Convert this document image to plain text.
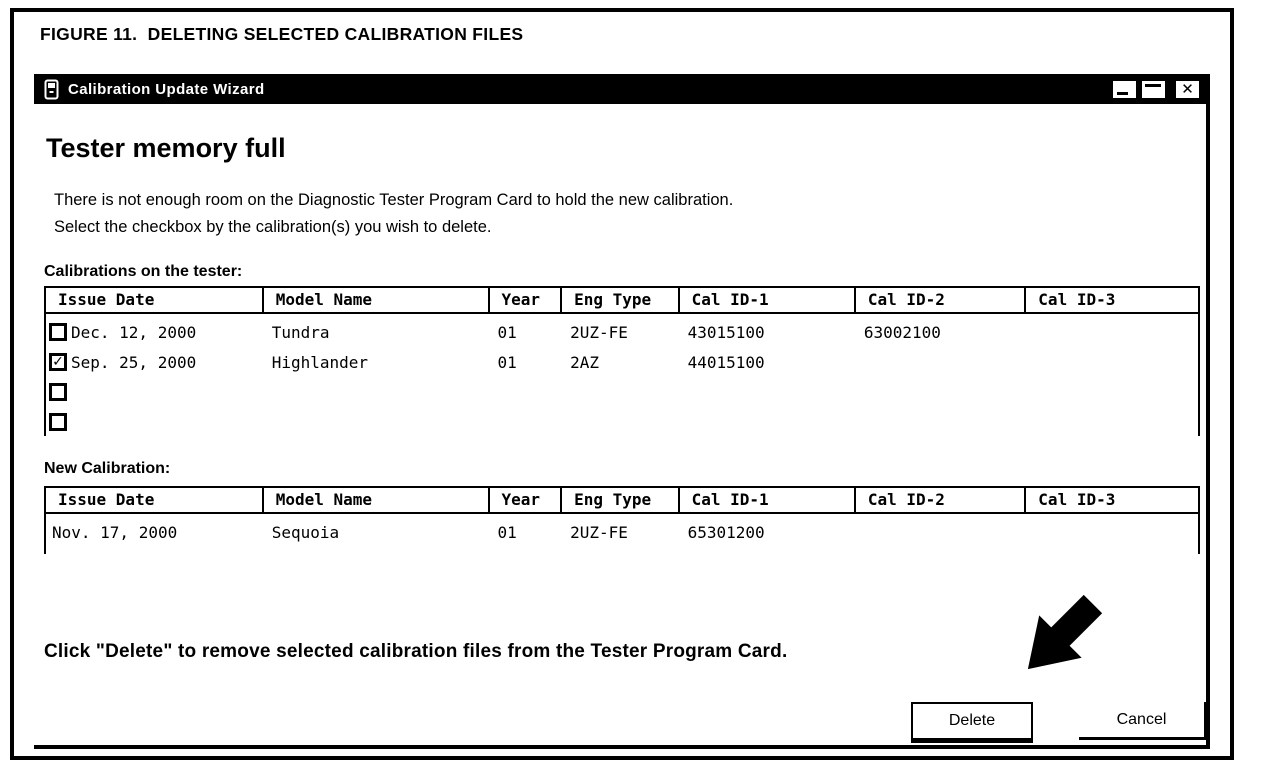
FIGURE 11.  DELETING SELECTED CALIBRATION FILES
Calibration Update Wizard	✕
Tester memory full
There is not enough room on the Diagnostic Tester Program Card to hold the new calibration.
Select the checkbox by the calibration(s) you wish to delete.
Calibrations on the tester:
Issue Date	Model Name	Year	Eng Type	Cal ID-1	Cal ID-2	Cal ID-3
Dec. 12, 2000	Tundra	01	2UZ-FE	43015100	63002100
✓ Sep. 25, 2000	Highlander	01	2AZ	44015100
New Calibration:
Issue Date	Model Name	Year	Eng Type	Cal ID-1	Cal ID-2	Cal ID-3
Nov. 17, 2000	Sequoia	01	2UZ-FE	65301200
Click "Delete" to remove selected calibration files from the Tester Program Card.
Delete	Cancel
